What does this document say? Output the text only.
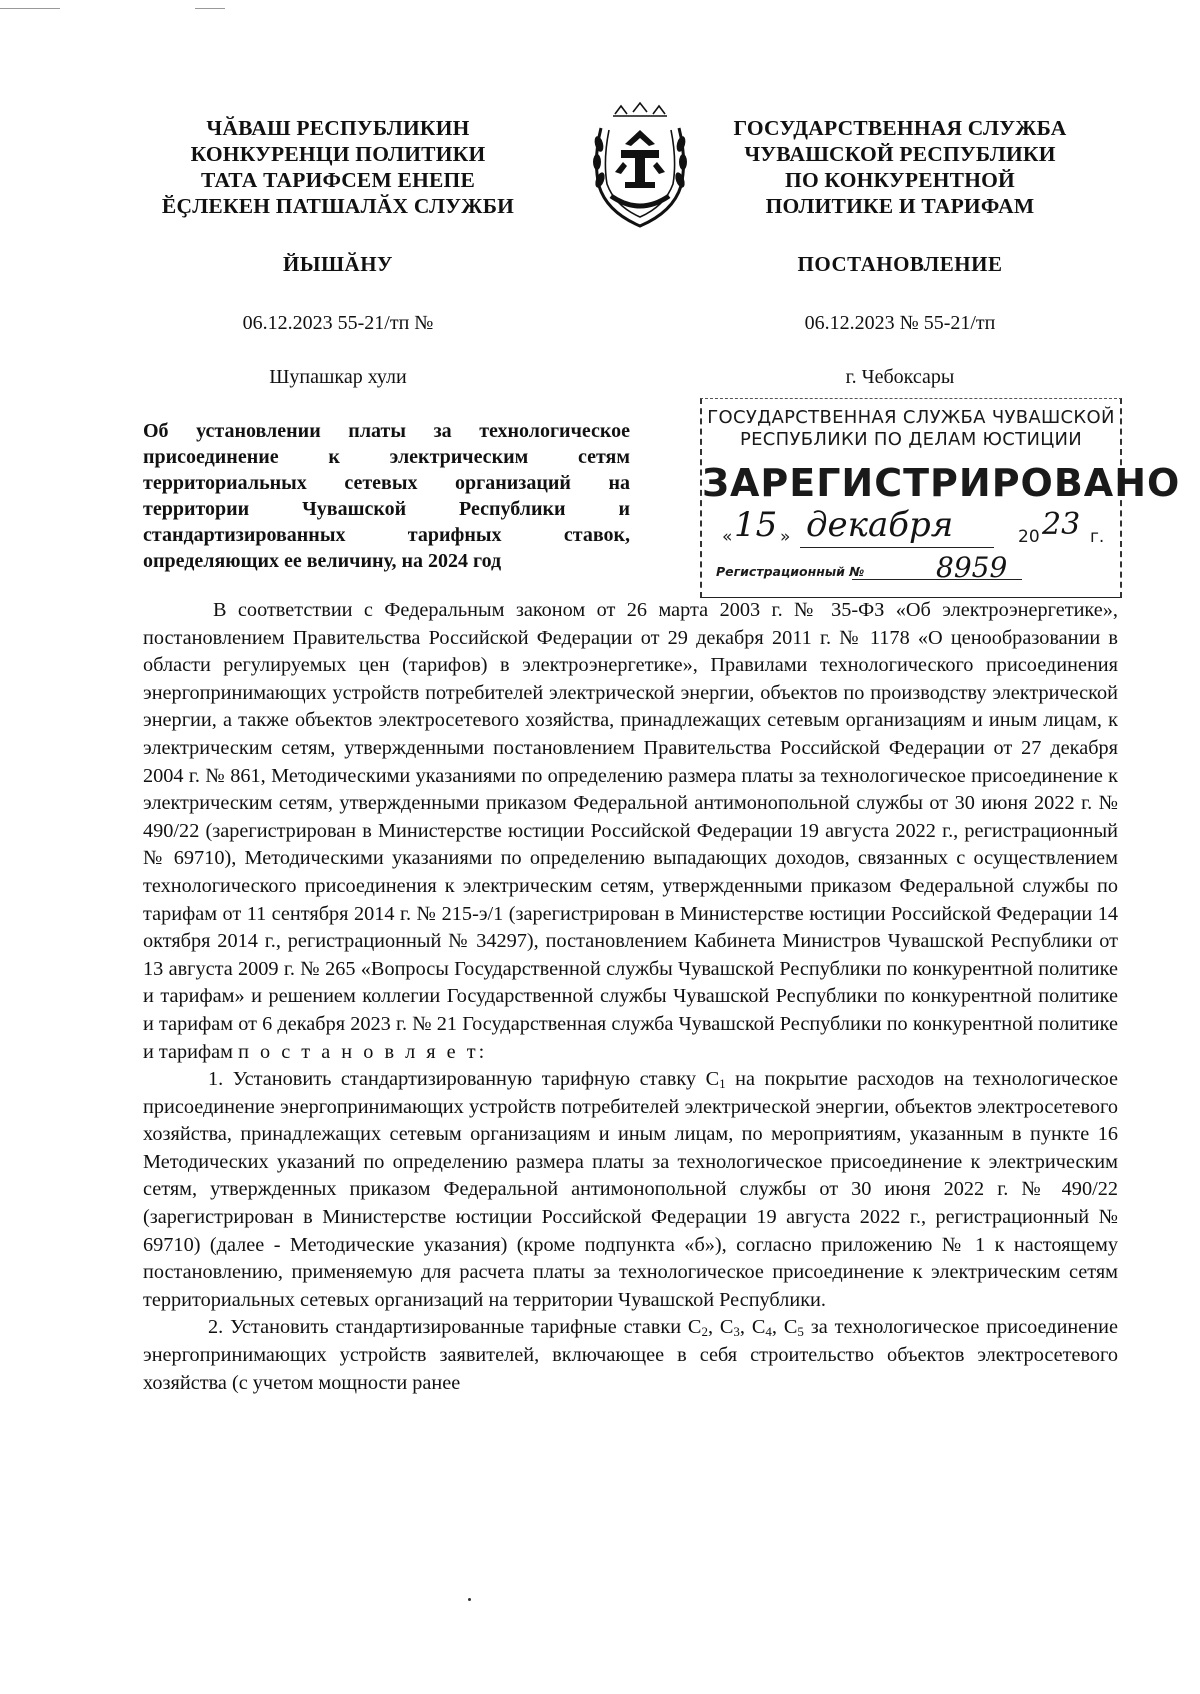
ЧӐВАШ РЕСПУБЛИКИН
КОНКУРЕНЦИ ПОЛИТИКИ
ТАТА ТАРИФСЕМ ЕНЕПЕ
ӖҪЛЕКЕН ПАТШАЛӐХ СЛУЖБИ
ГОСУДАРСТВЕННАЯ СЛУЖБА
ЧУВАШСКОЙ РЕСПУБЛИКИ
ПО КОНКУРЕНТНОЙ
ПОЛИТИКЕ И ТАРИФАМ
ЙЫШӐНУ	ПОСТАНОВЛЕНИЕ
06.12.2023 55-21/тп №	06.12.2023 № 55-21/тп
Шупашкар хули	г. Чебоксары
Об установлении платы за технологическое присоединение к электрическим сетям территориальных сетевых организаций на территории Чувашской Республики и стандартизированных тарифных ставок, определяющих ее величину, на 2024 год
ГОСУДАРСТВЕННАЯ СЛУЖБА ЧУВАШСКОЙ
РЕСПУБЛИКИ ПО ДЕЛАМ ЮСТИЦИИ
ЗАРЕГИСТРИРОВАНО
« 15 » декабря	20 23 г.
Регистрационный №	8959

В соответствии с Федеральным законом от 26 марта 2003 г. № 35-ФЗ «Об электроэнергетике», постановлением Правительства Российской Федерации от 29 декабря 2011 г. № 1178 «О ценообразовании в области регулируемых цен (тарифов) в электроэнергетике», Правилами технологического присоединения энергопринимающих устройств потребителей электрической энергии, объектов по производству электрической энергии, а также объектов электросетевого хозяйства, принадлежащих сетевым организациям и иным лицам, к электрическим сетям, утвержденными постановлением Правительства Российской Федерации от 27 декабря 2004 г. № 861, Методическими указаниями по определению размера платы за технологическое присоединение к электрическим сетям, утвержденными приказом Федеральной антимонопольной службы от 30 июня 2022 г. № 490/22 (зарегистрирован в Министерстве юстиции Российской Федерации 19 августа 2022 г., регистрационный № 69710), Методическими указаниями по определению выпадающих доходов, связанных с осуществлением технологического присоединения к электрическим сетям, утвержденными приказом Федеральной службы по тарифам от 11 сентября 2014 г. № 215-э/1 (зарегистрирован в Министерстве юстиции Российской Федерации 14 октября 2014 г., регистрационный № 34297), постановлением Кабинета Министров Чувашской Республики от 13 августа 2009 г. № 265 «Вопросы Государственной службы Чувашской Республики по конкурентной политике и тарифам» и решением коллегии Государственной службы Чувашской Республики по конкурентной политике и тарифам от 6 декабря 2023 г. № 21 Государственная служба Чувашской Республики по конкурентной политике и тарифам п о с т а н о в л я е т:

1. Установить стандартизированную тарифную ставку $С_1$ на покрытие расходов на технологическое присоединение энергопринимающих устройств потребителей электрической энергии, объектов электросетевого хозяйства, принадлежащих сетевым организациям и иным лицам, по мероприятиям, указанным в пункте 16 Методических указаний по определению размера платы за технологическое присоединение к электрическим сетям, утвержденных приказом Федеральной антимонопольной службы от 30 июня 2022 г. № 490/22 (зарегистрирован в Министерстве юстиции Российской Федерации 19 августа 2022 г., регистрационный № 69710) (далее - Методические указания) (кроме подпункта «б»), согласно приложению № 1 к настоящему постановлению, применяемую для расчета платы за технологическое присоединение к электрическим сетям территориальных сетевых организаций на территории Чувашской Республики.

2. Установить стандартизированные тарифные ставки $С_2$, $С_3$, $С_4$, $С_5$ за технологическое присоединение энергопринимающих устройств заявителей, включающее в себя строительство объектов электросетевого хозяйства (с учетом мощности ранее
